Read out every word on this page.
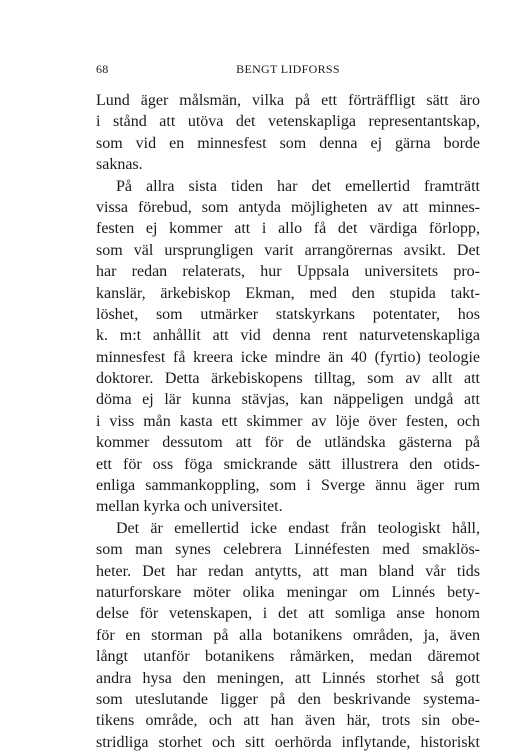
68	BENGT LIDFORSS
Lund äger målsmän, vilka på ett förträffligt sätt äro
i stånd att utöva det vetenskapliga representantskap,
som vid en minnesfest som denna ej gärna borde
saknas.
På allra sista tiden har det emellertid framträtt
vissa förebud, som antyda möjligheten av att minnes-
festen ej kommer att i allo få det värdiga förlopp,
som väl ursprungligen varit arrangörernas avsikt. Det
har redan relaterats, hur Uppsala universitets pro-
kanslär, ärkebiskop Ekman, med den stupida takt-
löshet, som utmärker statskyrkans potentater, hos
k. m:t anhållit att vid denna rent naturvetenskapliga
minnesfest få kreera icke mindre än 40 (fyrtio) teologie
doktorer. Detta ärkebiskopens tilltag, som av allt att
döma ej lär kunna stävjas, kan näppeligen undgå att
i viss mån kasta ett skimmer av löje över festen, och
kommer dessutom att för de utländska gästerna på
ett för oss föga smickrande sätt illustrera den otids-
enliga sammankoppling, som i Sverge ännu äger rum
mellan kyrka och universitet.
Det är emellertid icke endast från teologiskt håll,
som man synes celebrera Linnéfesten med smaklös-
heter. Det har redan antytts, att man bland vår tids
naturforskare möter olika meningar om Linnés bety-
delse för vetenskapen, i det att somliga anse honom
för en storman på alla botanikens områden, ja, även
långt utanför botanikens råmärken, medan däremot
andra hysa den meningen, att Linnés storhet så gott
som uteslutande ligger på den beskrivande systema-
tikens område, och att han även här, trots sin obe-
stridliga storhet och sitt oerhörda inflytande, historiskt
